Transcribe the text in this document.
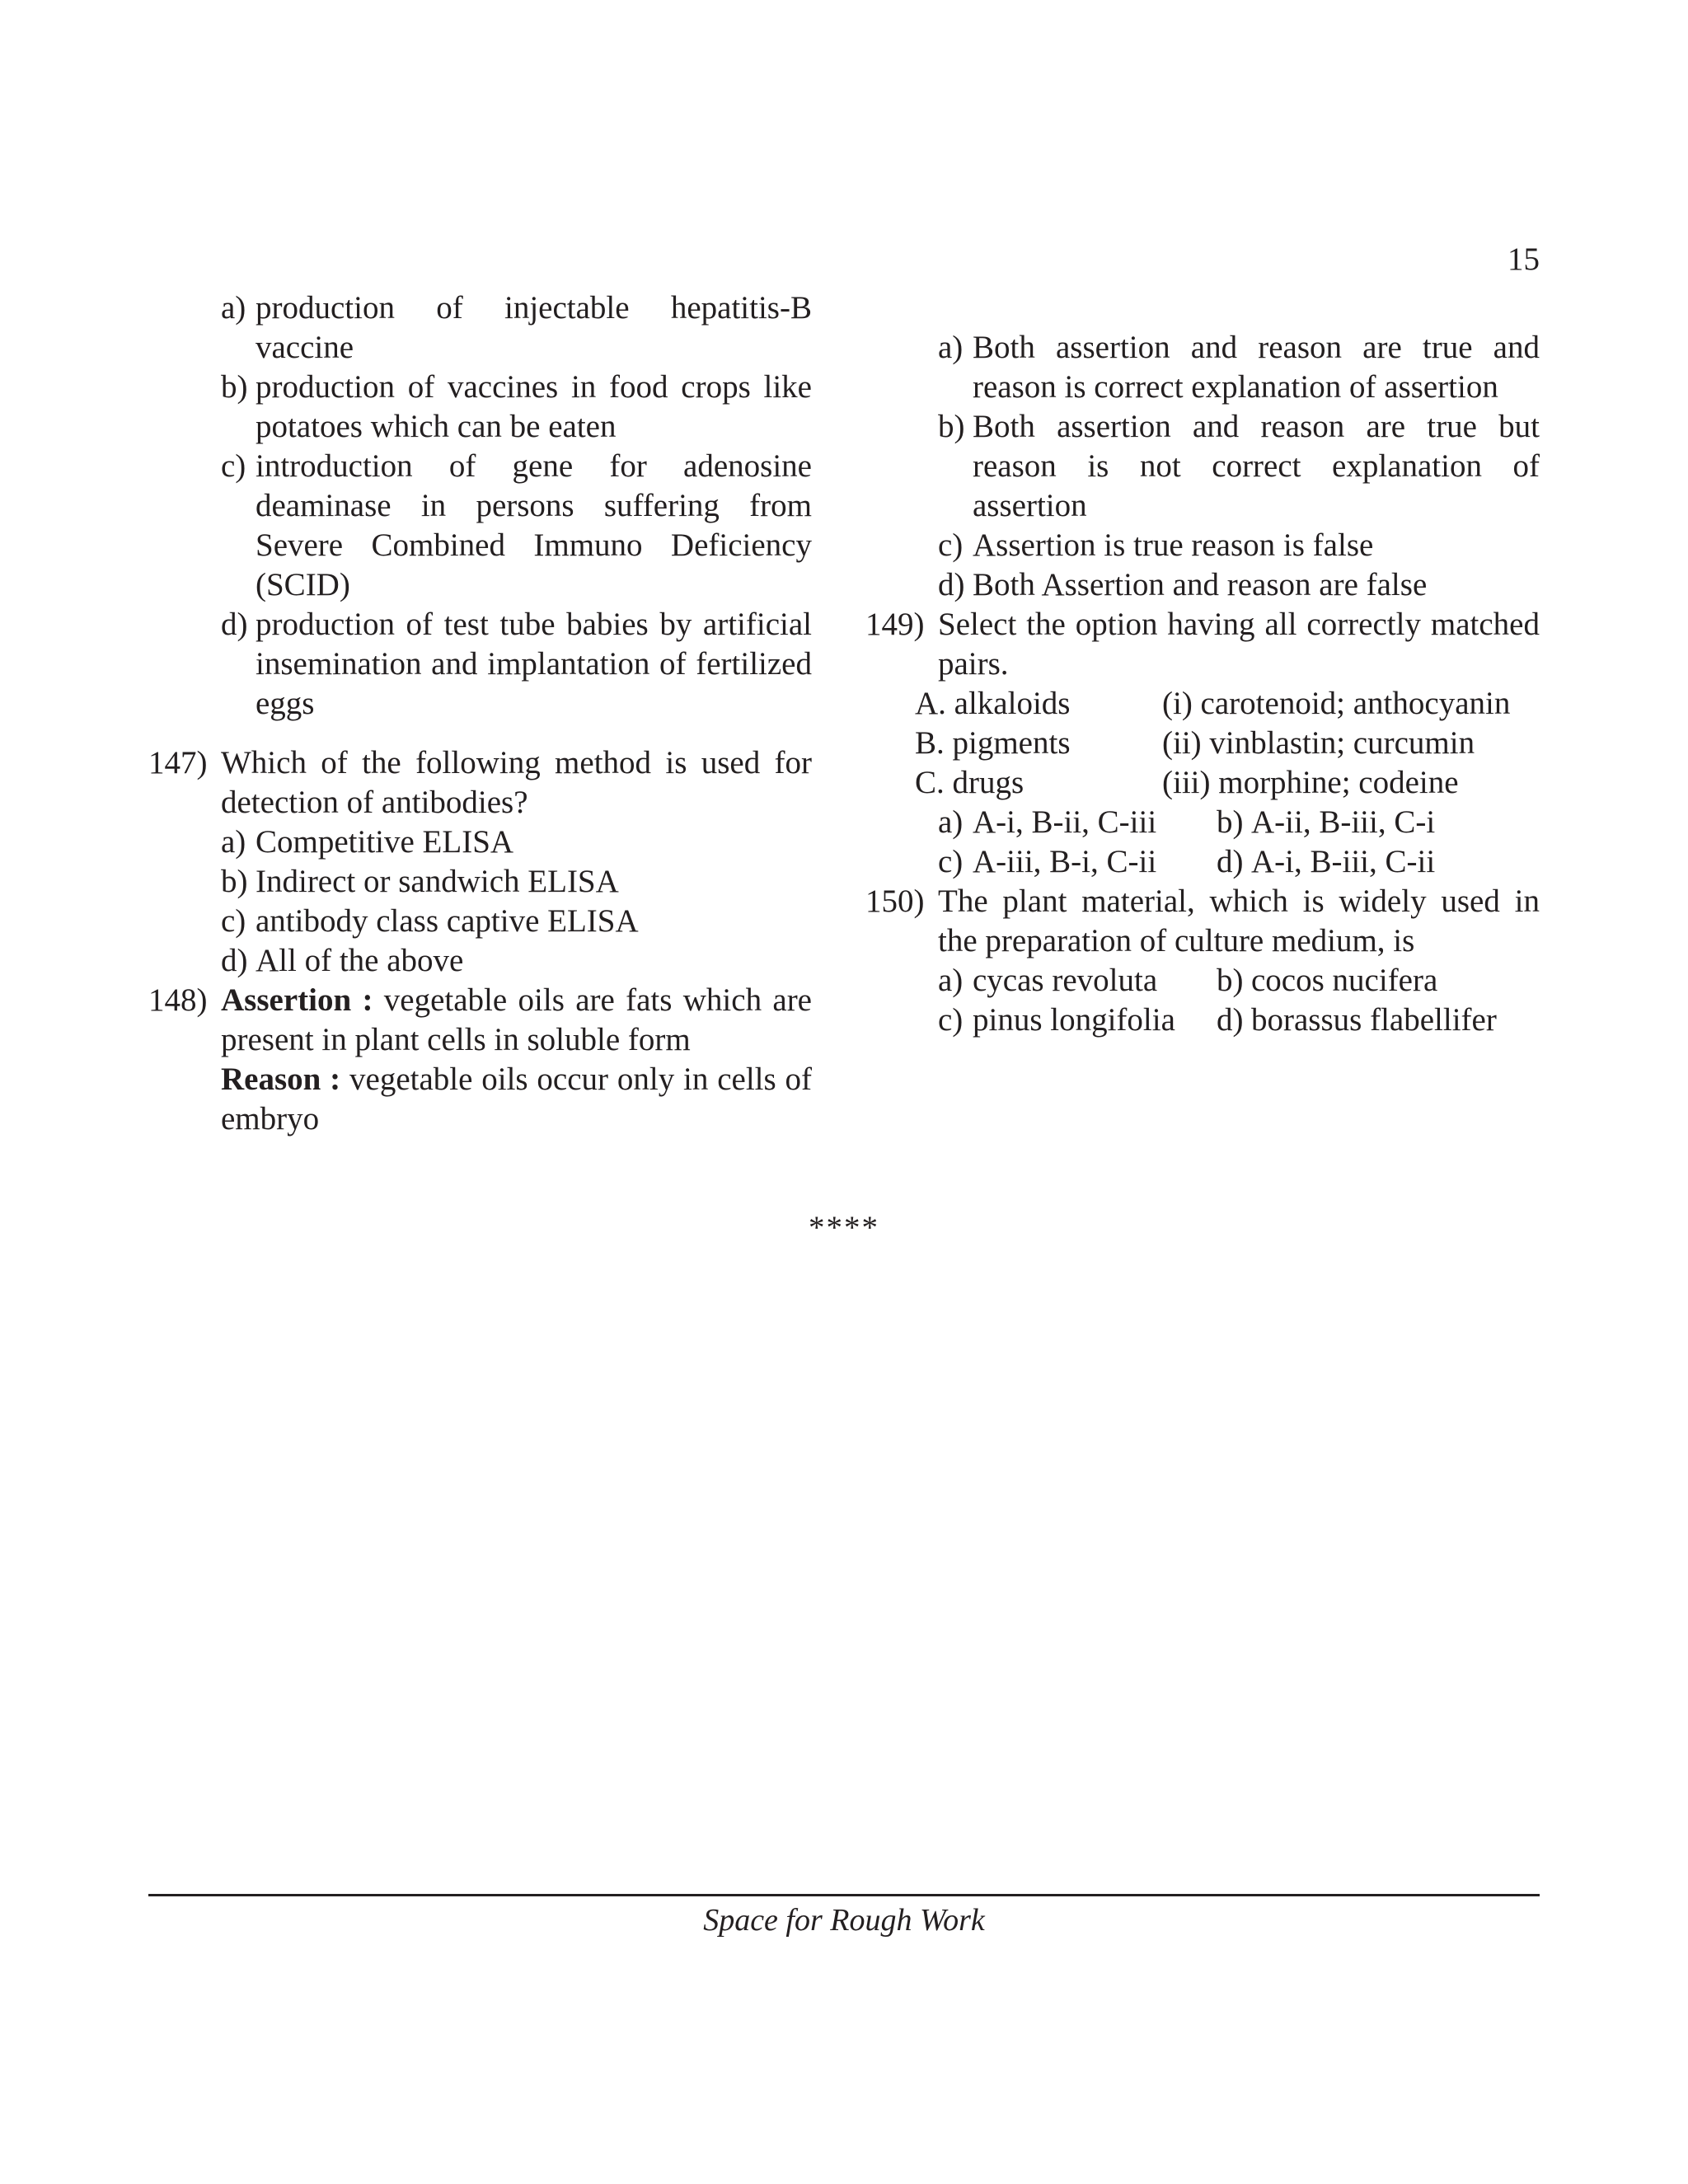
15
a) production of injectable hepatitis-B vaccine
b) production of vaccines in food crops like potatoes which can be eaten
c) introduction of gene for adenosine deaminase in persons suffering from Severe Combined Immuno Deficiency (SCID)
d) production of test tube babies by artificial insemination and implantation of fertilized eggs
147) Which of the following method is used for detection of antibodies?
a) Competitive ELISA
b) Indirect or sandwich ELISA
c) antibody class captive ELISA
d) All of the above
148) Assertion : vegetable oils are fats which are present in plant cells in soluble form
Reason : vegetable oils occur only in cells of embryo
a) Both assertion and reason are true and reason is correct explanation of assertion
b) Both assertion and reason are true but reason is not correct explanation of assertion
c) Assertion is true reason is false
d) Both Assertion and reason are false
149) Select the option having all correctly matched pairs.
A. alkaloids	(i) carotenoid; anthocyanin
B. pigments	(ii) vinblastin; curcumin
C. drugs	(iii) morphine; codeine
a) A-i, B-ii, C-iii	b) A-ii, B-iii, C-i
c) A-iii, B-i, C-ii	d) A-i, B-iii, C-ii
150) The plant material, which is widely used in the preparation of culture medium, is
a) cycas revoluta	b) cocos nucifera
c) pinus longifolia	d) borassus flabellifer
****
Space for Rough Work
